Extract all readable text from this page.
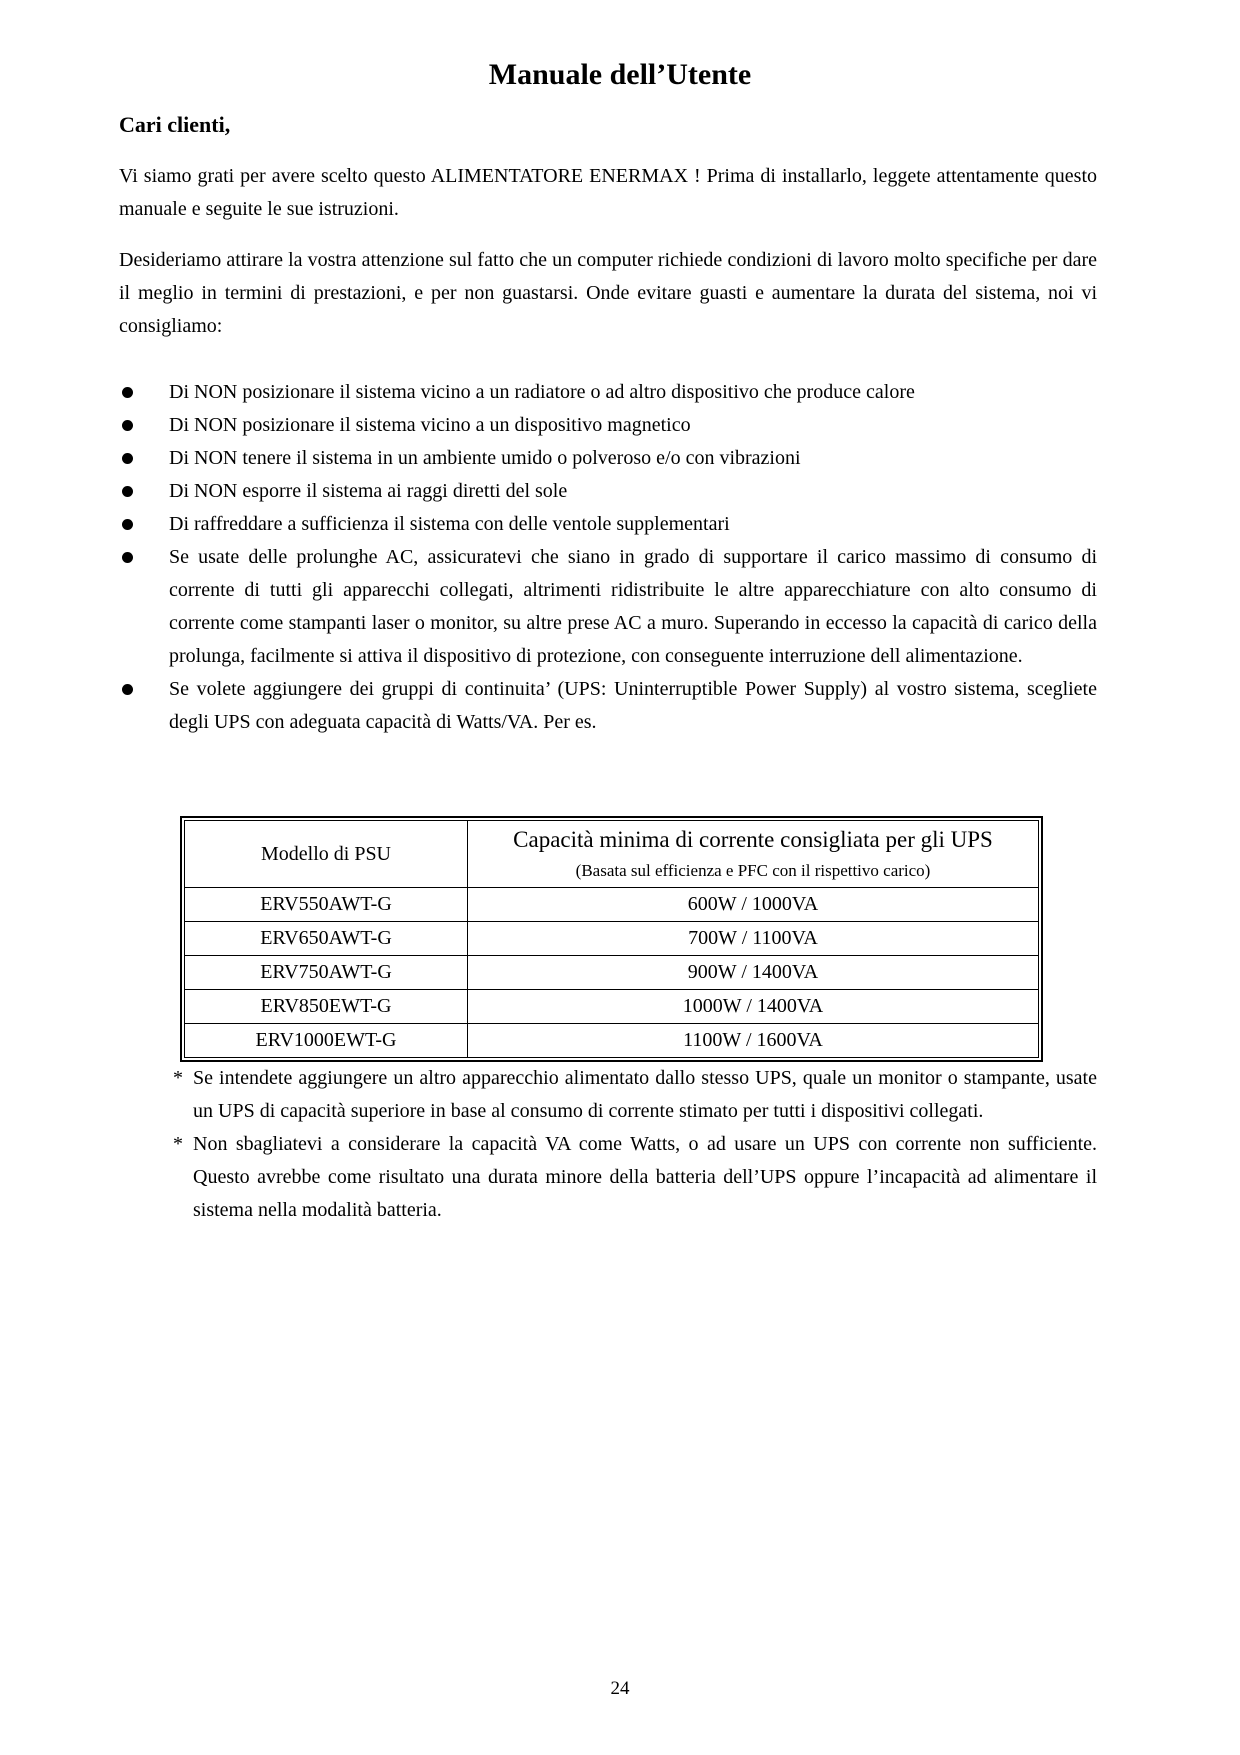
Manuale dell’Utente
Cari clienti,

Vi siamo grati per avere scelto questo ALIMENTATORE ENERMAX ! Prima di installarlo, leggete attentamente questo manuale e seguite le sue istruzioni.

Desideriamo attirare la vostra attenzione sul fatto che un computer richiede condizioni di lavoro molto specifiche per dare il meglio in termini di prestazioni, e per non guastarsi. Onde evitare guasti e aumentare la durata del sistema, noi vi consigliamo:

Di NON posizionare il sistema vicino a un radiatore o ad altro dispositivo che produce calore
Di NON posizionare il sistema vicino a un dispositivo magnetico
Di NON tenere il sistema in un ambiente umido o polveroso e/o con vibrazioni
Di NON esporre il sistema ai raggi diretti del sole
Di raffreddare a sufficienza il sistema con delle ventole supplementari
Se usate delle prolunghe AC, assicuratevi che siano in grado di supportare il carico massimo di consumo di corrente di tutti gli apparecchi collegati, altrimenti ridistribuite le altre apparecchiature con alto consumo di corrente come stampanti laser o monitor, su altre prese AC a muro. Superando in eccesso la capacità di carico della prolunga, facilmente si attiva il dispositivo di protezione, con conseguente interruzione dell alimentazione.
Se volete aggiungere dei gruppi di continuita’ (UPS: Uninterruptible Power Supply) al vostro sistema, scegliete degli UPS con adeguata capacità di Watts/VA. Per es.
Modello di PSU	Capacità minima di corrente consigliata per gli UPS
(Basata sul efficienza e PFC con il rispettivo carico)

ERV550AWT-G	600W / 1000VA
ERV650AWT-G	700W / 1100VA
ERV750AWT-G	900W / 1400VA
ERV850EWT-G	1000W / 1400VA
ERV1000EWT-G	1100W / 1600VA
* Se intendete aggiungere un altro apparecchio alimentato dallo stesso UPS, quale un monitor o stampante, usate un UPS di capacità superiore in base al consumo di corrente stimato per tutti i dispositivi collegati.
* Non sbagliatevi a considerare la capacità VA come Watts, o ad usare un UPS con corrente non sufficiente. Questo avrebbe come risultato una durata minore della batteria dell’UPS oppure l’incapacità ad alimentare il sistema nella modalità batteria.
24
